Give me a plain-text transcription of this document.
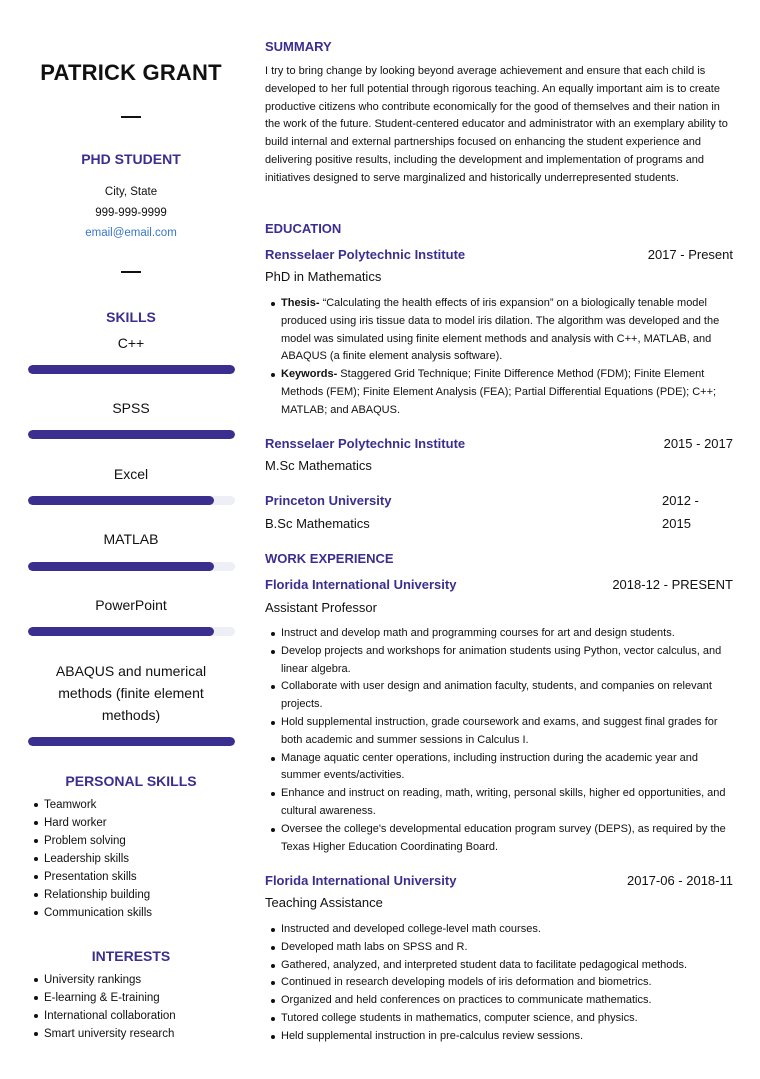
PATRICK GRANT
PHD STUDENT
City, State
999-999-9999
email@email.com
SKILLS
C++
SPSS
Excel
MATLAB
PowerPoint
ABAQUS and numerical methods (finite element methods)
PERSONAL SKILLS
Teamwork
Hard worker
Problem solving
Leadership skills
Presentation skills
Relationship building
Communication skills
INTERESTS
University rankings
E-learning & E-training
International collaboration
Smart university research
SUMMARY
I try to bring change by looking beyond average achievement and ensure that each child is developed to her full potential through rigorous teaching. An equally important aim is to create productive citizens who contribute economically for the good of themselves and their nation in the work of the future. Student-centered educator and administrator with an exemplary ability to build internal and external partnerships focused on enhancing the student experience and delivering positive results, including the development and implementation of programs and initiatives designed to serve marginalized and historically underrepresented students.
EDUCATION
Rensselaer Polytechnic Institute	2017 - Present
PhD in Mathematics
Thesis- “Calculating the health effects of iris expansion” on a biologically tenable model produced using iris tissue data to model iris dilation. The algorithm was developed and the model was simulated using finite element methods and analysis with C++, MATLAB, and ABAQUS (a finite element analysis software).
Keywords- Staggered Grid Technique; Finite Difference Method (FDM); Finite Element Methods (FEM); Finite Element Analysis (FEA); Partial Differential Equations (PDE); C++; MATLAB; and ABAQUS.
Rensselaer Polytechnic Institute	2015 - 2017
M.Sc Mathematics
Princeton University	2012 -
2015
B.Sc Mathematics
WORK EXPERIENCE
Florida International University	2018-12 - PRESENT
Assistant Professor
Instruct and develop math and programming courses for art and design students.
Develop projects and workshops for animation students using Python, vector calculus, and linear algebra.
Collaborate with user design and animation faculty, students, and companies on relevant projects.
Hold supplemental instruction, grade coursework and exams, and suggest final grades for both academic and summer sessions in Calculus I.
Manage aquatic center operations, including instruction during the academic year and summer events/activities.
Enhance and instruct on reading, math, writing, personal skills, higher ed opportunities, and cultural awareness.
Oversee the college's developmental education program survey (DEPS), as required by the Texas Higher Education Coordinating Board.
Florida International University	2017-06 - 2018-11
Teaching Assistance
Instructed and developed college-level math courses.
Developed math labs on SPSS and R.
Gathered, analyzed, and interpreted student data to facilitate pedagogical methods.
Continued in research developing models of iris deformation and biometrics.
Organized and held conferences on practices to communicate mathematics.
Tutored college students in mathematics, computer science, and physics.
Held supplemental instruction in pre-calculus review sessions.
